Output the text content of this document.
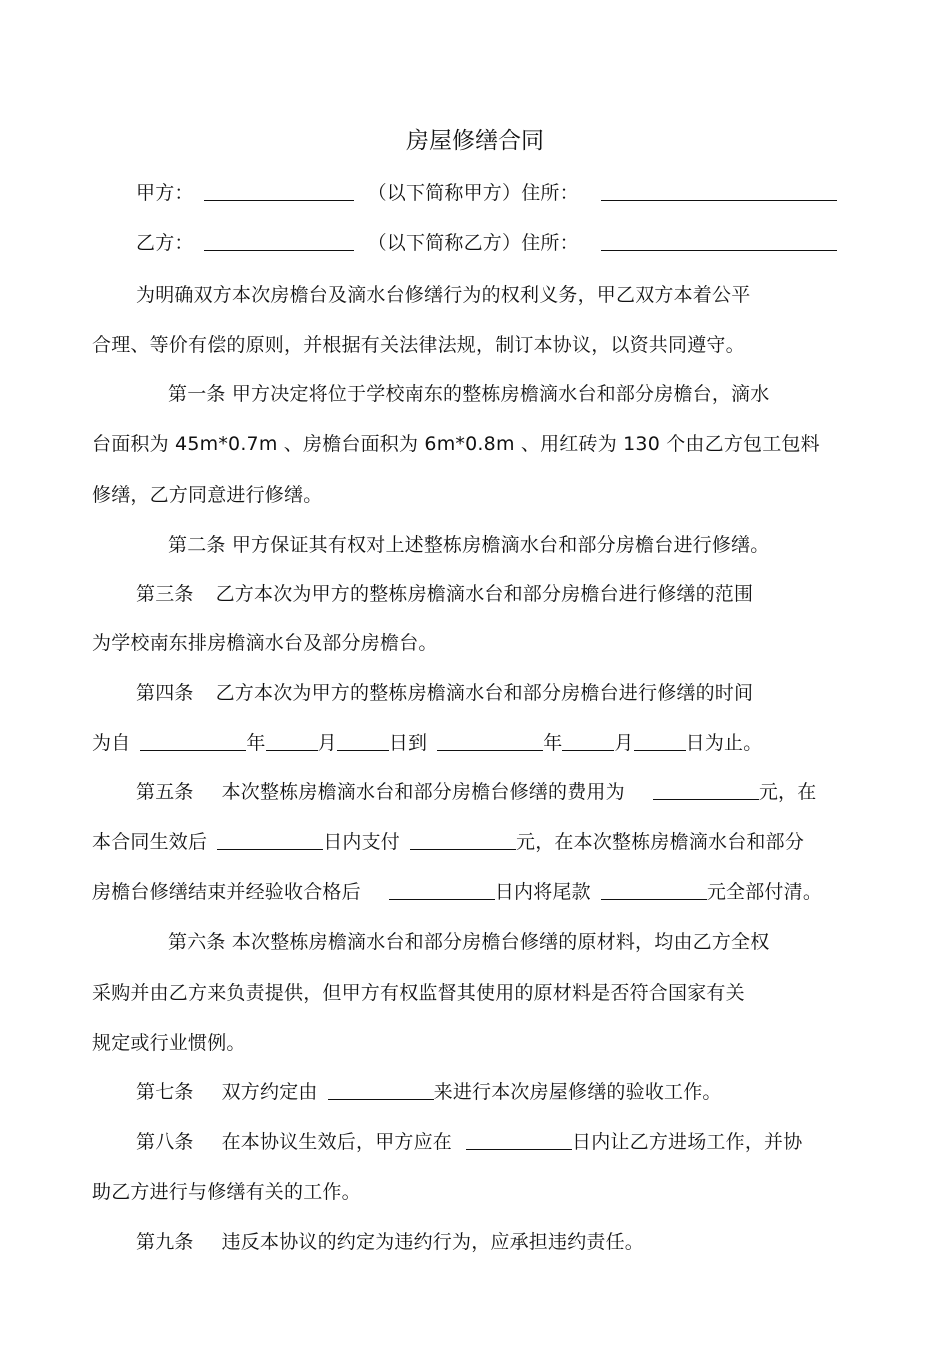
房屋修缮合同
甲方：	（以下简称甲方）住所：
乙方：	（以下简称乙方）住所：
为明确双方本次房檐台及滴水台修缮行为的权利义务，甲乙双方本着公平
合理、等价有偿的原则，并根据有关法律法规，制订本协议，以资共同遵守。
第一条 甲方决定将位于学校南东的整栋房檐滴水台和部分房檐台，滴水
台面积为 45m*0.7m 、房檐台面积为 6m*0.8m 、用红砖为 130 个由乙方包工包料
修缮，乙方同意进行修缮。
第二条 甲方保证其有权对上述整栋房檐滴水台和部分房檐台进行修缮。
第三条 乙方本次为甲方的整栋房檐滴水台和部分房檐台进行修缮的范围
为学校南东排房檐滴水台及部分房檐台。
第四条 乙方本次为甲方的整栋房檐滴水台和部分房檐台进行修缮的时间
为自	年	月	日到	年	月	日为止。
第五条 本次整栋房檐滴水台和部分房檐台修缮的费用为	元，在
本合同生效后	日内支付	元，在本次整栋房檐滴水台和部分
房檐台修缮结束并经验收合格后	日内将尾款	元全部付清。
第六条 本次整栋房檐滴水台和部分房檐台修缮的原材料，均由乙方全权
采购并由乙方来负责提供，但甲方有权监督其使用的原材料是否符合国家有关
规定或行业惯例。
第七条 双方约定由	来进行本次房屋修缮的验收工作。
第八条 在本协议生效后，甲方应在	日内让乙方进场工作，并协
助乙方进行与修缮有关的工作。
第九条 违反本协议的约定为违约行为，应承担违约责任。
